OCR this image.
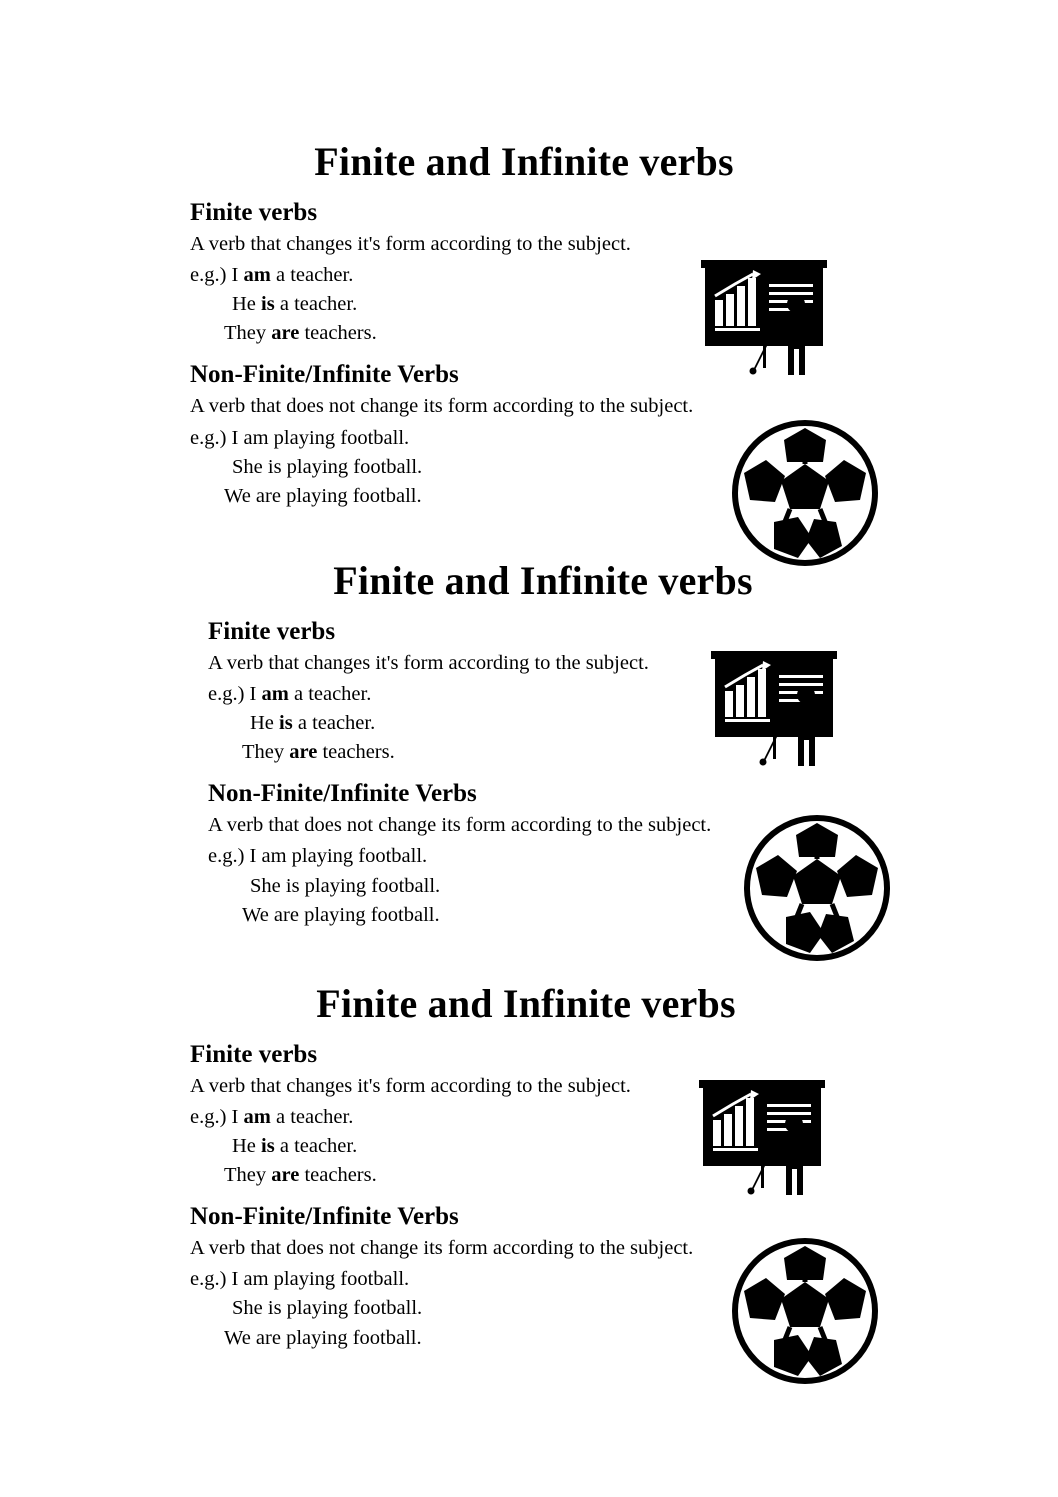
Finite and Infinite verbs
Finite verbs

A verb that changes it's form according to the subject.

e.g.) I am a teacher.

He is a teacher.

They are teachers.

Non-Finite/Infinite Verbs

A verb that does not change its form according to the subject.

e.g.) I am playing football.

She is playing football.

We are playing football.

Finite and Infinite verbs
Finite verbs

A verb that changes it's form according to the subject.

e.g.) I am a teacher.

He is a teacher.

They are teachers.

Non-Finite/Infinite Verbs

A verb that does not change its form according to the subject.

e.g.) I am playing football.

She is playing football.

We are playing football.

Finite and Infinite verbs
Finite verbs

A verb that changes it's form according to the subject.

e.g.) I am a teacher.

He is a teacher.

They are teachers.

Non-Finite/Infinite Verbs

A verb that does not change its form according to the subject.

e.g.) I am playing football.

She is playing football.

We are playing football.
